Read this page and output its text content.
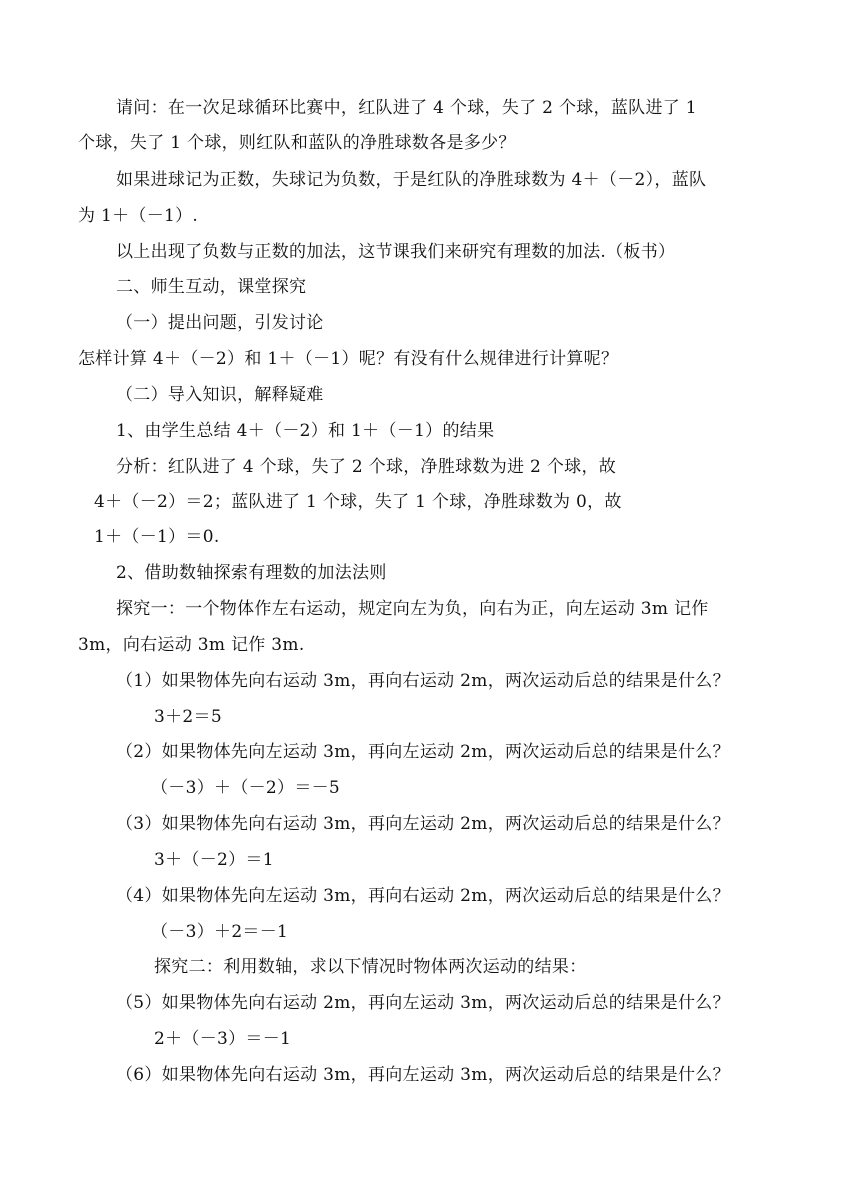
请问：在一次足球循环比赛中，红队进了 4 个球，失了 2 个球，蓝队进了 1
个球，失了 1 个球，则红队和蓝队的净胜球数各是多少？
如果进球记为正数，失球记为负数，于是红队的净胜球数为 4＋（－2），蓝队
为 1＋（－1）.
以上出现了负数与正数的加法，这节课我们来研究有理数的加法.（板书）
二、师生互动，课堂探究
（一）提出问题，引发讨论
怎样计算 4＋（－2）和 1＋（－1）呢？有没有什么规律进行计算呢？
（二）导入知识，解释疑难
1、由学生总结 4＋（－2）和 1＋（－1）的结果
分析：红队进了 4 个球，失了 2 个球，净胜球数为进 2 个球，故
4＋（－2）＝2；蓝队进了 1 个球，失了 1 个球，净胜球数为 0，故
1＋（－1）＝0.
2、借助数轴探索有理数的加法法则
探究一：一个物体作左右运动，规定向左为负，向右为正，向左运动 3m 记作
3m，向右运动 3m 记作 3m.
（1）如果物体先向右运动 3m，再向右运动 2m，两次运动后总的结果是什么？
3＋2＝5
（2）如果物体先向左运动 3m，再向左运动 2m，两次运动后总的结果是什么？
（－3）＋（－2）＝－5
（3）如果物体先向右运动 3m，再向左运动 2m，两次运动后总的结果是什么？
3＋（－2）＝1
（4）如果物体先向左运动 3m，再向右运动 2m，两次运动后总的结果是什么？
（－3）＋2＝－1
探究二：利用数轴，求以下情况时物体两次运动的结果：
（5）如果物体先向右运动 2m，再向左运动 3m，两次运动后总的结果是什么？
2＋（－3）＝－1
（6）如果物体先向右运动 3m，再向左运动 3m，两次运动后总的结果是什么？
